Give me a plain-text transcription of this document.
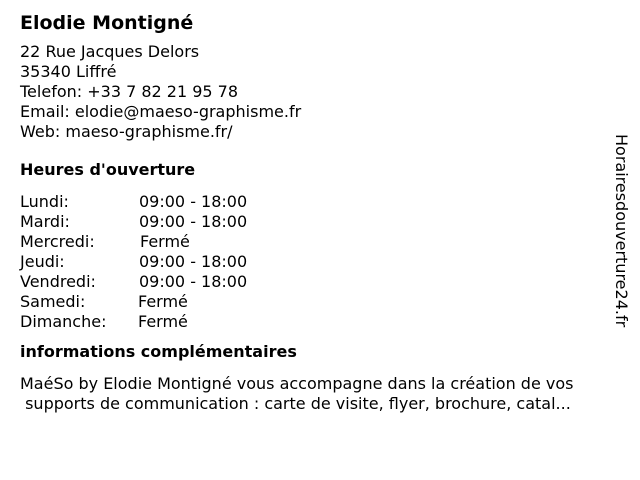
Elodie Montigné
22 Rue Jacques Delors
35340 Liffré
Telefon: +33 7 82 21 95 78
Email: elodie@maeso-graphisme.fr
Web: maeso-graphisme.fr/
Heures d'ouverture
Lundi:	09:00 - 18:00
Mardi:	09:00 - 18:00
Mercredi:	Fermé
Jeudi:	09:00 - 18:00
Vendredi:	09:00 - 18:00
Samedi:	Fermé
Dimanche:	Fermé
informations complémentaires
MaéSo by Elodie Montigné vous accompagne dans la création de vos
supports de communication : carte de visite, flyer, brochure, catal...
Horairesdouverture24.fr
